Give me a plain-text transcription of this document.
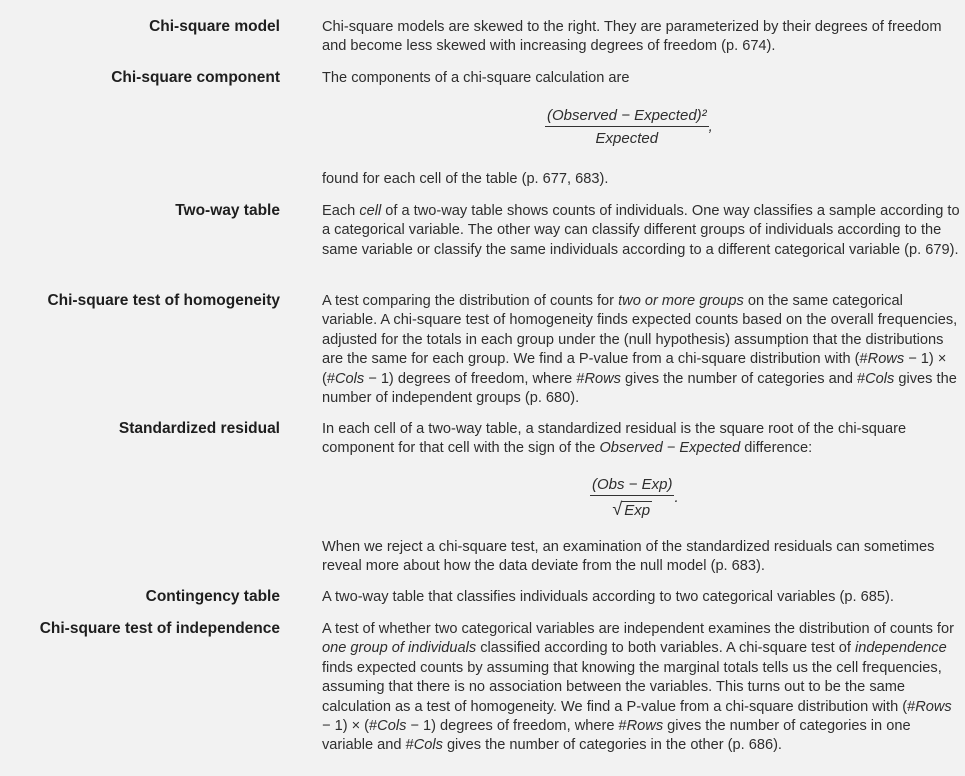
Chi-square model	Chi-square models are skewed to the right. They are parameterized by their degrees of freedom and become less skewed with increasing degrees of freedom (p. 674).

Chi-square component	The components of a chi-square calculation are

$\frac{\text{(Observed − Expected)²}}{\text{Expected}}$ ,

found for each cell of the table (p. 677, 683).

Two-way table	Each cell of a two-way table shows counts of individuals. One way classifies a sample according to a categorical variable. The other way can classify different groups of individuals according to the same variable or classify the same individuals according to a different categorical variable (p. 679).

Chi-square test of homogeneity	A test comparing the distribution of counts for two or more groups on the same categorical variable. A chi-square test of homogeneity finds expected counts based on the overall frequencies, adjusted for the totals in each group under the (null hypothesis) assumption that the distributions are the same for each group. We find a P-value from a chi-square distribution with (#Rows − 1) × (#Cols − 1) degrees of freedom, where #Rows gives the number of categories and #Cols gives the number of independent groups (p. 680).

Standardized residual	In each cell of a two-way table, a standardized residual is the square root of the chi-square component for that cell with the sign of the Observed − Expected difference:

$\frac{\text{(Obs − Exp)}}{\text{√ Exp}}$ .

When we reject a chi-square test, an examination of the standardized residuals can sometimes reveal more about how the data deviate from the null model (p. 683).

Contingency table	A two-way table that classifies individuals according to two categorical variables (p. 685).

Chi-square test of independence	A test of whether two categorical variables are independent examines the distribution of counts for one group of individuals classified according to both variables. A chi-square test of independence finds expected counts by assuming that knowing the marginal totals tells us the cell frequencies, assuming that there is no association between the variables. This turns out to be the same calculation as a test of homogeneity. We find a P-value from a chi-square distribution with (#Rows − 1) × (#Cols − 1) degrees of freedom, where #Rows gives the number of categories in one variable and #Cols gives the number of categories in the other (p. 686).
